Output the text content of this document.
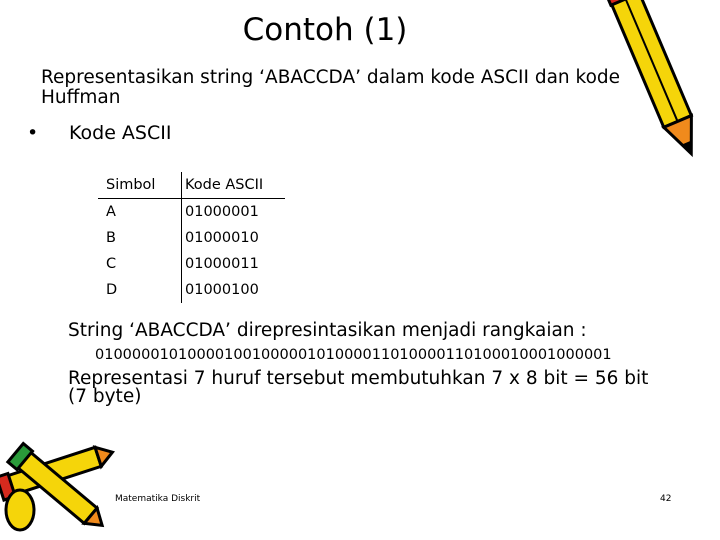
Contoh (1)
Representasikan string ‘ABACCDA’ dalam kode ASCII dan kode Huffman
• Kode ASCII
Simbol	Kode ASCII
A	01000001
B	01000010
C	01000011
D	01000100
String ‘ABACCDA’ direpresintasikan menjadi rangkaian :
01000001010000100100000101000011010000110100010001000001
Representasi 7 huruf tersebut membutuhkan 7 x 8 bit = 56 bit (7 byte)
Matematika Diskrit	42
